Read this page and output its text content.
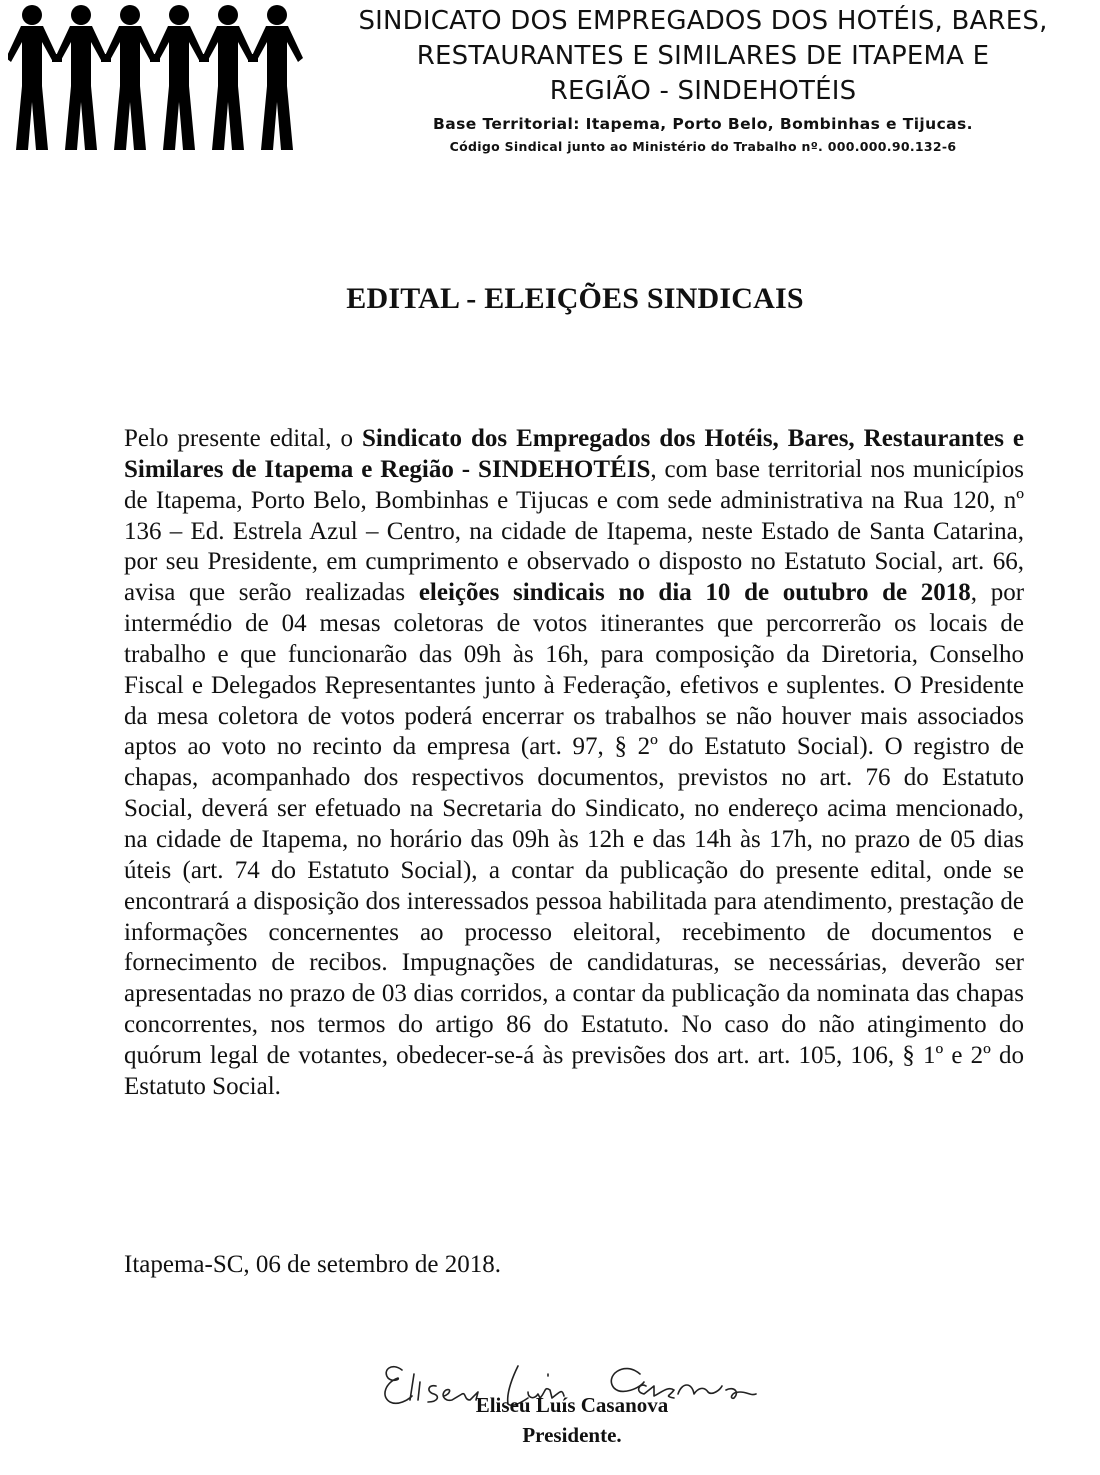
SINDICATO DOS EMPREGADOS DOS HOTÉIS, BARES,
RESTAURANTES E SIMILARES DE ITAPEMA E
REGIÃO - SINDEHOTÉIS
Base Territorial: Itapema, Porto Belo, Bombinhas e Tijucas.
Código Sindical junto ao Ministério do Trabalho nº. 000.000.90.132-6
EDITAL - ELEIÇÕES SINDICAIS

Pelo presente edital, o Sindicato dos Empregados dos Hotéis, Bares, Restaurantes e Similares de Itapema e Região - SINDEHOTÉIS, com base territorial nos municípios de Itapema, Porto Belo, Bombinhas e Tijucas e com sede administrativa na Rua 120, nº 136 – Ed. Estrela Azul – Centro, na cidade de Itapema, neste Estado de Santa Catarina, por seu Presidente, em cumprimento e observado o disposto no Estatuto Social, art. 66, avisa que serão realizadas eleições sindicais no dia 10 de outubro de 2018, por intermédio de 04 mesas coletoras de votos itinerantes que percorrerão os locais de trabalho e que funcionarão das 09h às 16h, para composição da Diretoria, Conselho Fiscal e Delegados Representantes junto à Federação, efetivos e suplentes. O Presidente da mesa coletora de votos poderá encerrar os trabalhos se não houver mais associados aptos ao voto no recinto da empresa (art. 97, § 2º do Estatuto Social). O registro de chapas, acompanhado dos respectivos documentos, previstos no art. 76 do Estatuto Social, deverá ser efetuado na Secretaria do Sindicato, no endereço acima mencionado, na cidade de Itapema, no horário das 09h às 12h e das 14h às 17h, no prazo de 05 dias úteis (art. 74 do Estatuto Social), a contar da publicação do presente edital, onde se encontrará a disposição dos interessados pessoa habilitada para atendimento, prestação de informações concernentes ao processo eleitoral, recebimento de documentos e fornecimento de recibos. Impugnações de candidaturas, se necessárias, deverão ser apresentadas no prazo de 03 dias corridos, a contar da publicação da nominata das chapas concorrentes, nos termos do artigo 86 do Estatuto. No caso do não atingimento do quórum legal de votantes, obedecer-se-á às previsões dos art. art. 105, 106, § 1º e 2º do Estatuto Social.

Itapema-SC, 06 de setembro de 2018.
Eliseu Luís Casanova
Presidente.
